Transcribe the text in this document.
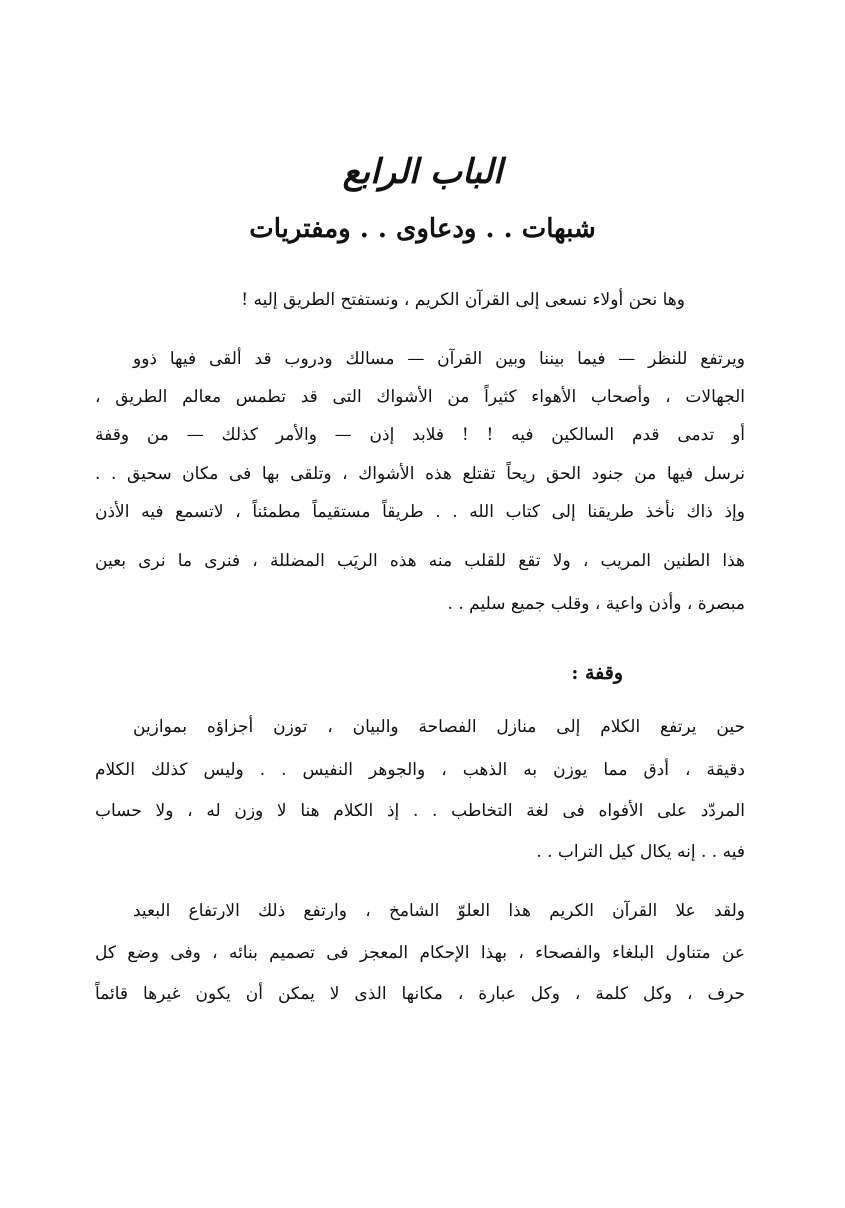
الباب الرابع
شبهات . . ودعاوى . . ومفتريات
وها نحن أولاء نسعى إلى القرآن الكريم ، ونستفتح الطريق إليه !
ويرتفع للنظر — فيما بيننا وبين القرآن — مسالك ودروب قد ألقى فيها ذوو
الجهالات ، وأصحاب الأهواء كثيراً من الأشواك التى قد تطمس معالم الطريق ،
أو تدمى قدم السالكين فيه ! ! فلابد إذن — والأمر كذلك — من وقفة
نرسل فيها من جنود الحق ريحاً تقتلع هذه الأشواك ، وتلقى بها فى مكان سحيق . .
وإذ ذاك نأخذ طريقنا إلى كتاب الله . . طريقاً مستقيماً مطمئناً ، لاتسمع فيه الأذن
هذا الطنين المريب ، ولا تقع للقلب منه هذه الريَب المضللة ، فنرى ما نرى بعين
مبصرة ، وأذن واعية ، وقلب جميع سليم . .
وقفة :
حين يرتفع الكلام إلى منازل الفصاحة والبيان ، توزن أجزاؤه بموازين
دقيقة ، أدق مما يوزن به الذهب ، والجوهر النفيس . . وليس كذلك الكلام
المردّد على الأفواه فى لغة التخاطب . . إذ الكلام هنا لا وزن له ، ولا حساب
فيه . . إنه يكال كيل التراب . .
ولقد علا القرآن الكريم هذا العلوّ الشامخ ، وارتفع ذلك الارتفاع البعيد
عن متناول البلغاء والفصحاء ، بهذا الإحكام المعجز فى تصميم بنائه ، وفى وضع كل
حرف ، وكل كلمة ، وكل عبارة ، مكانها الذى لا يمكن أن يكون غيرها قائماً
